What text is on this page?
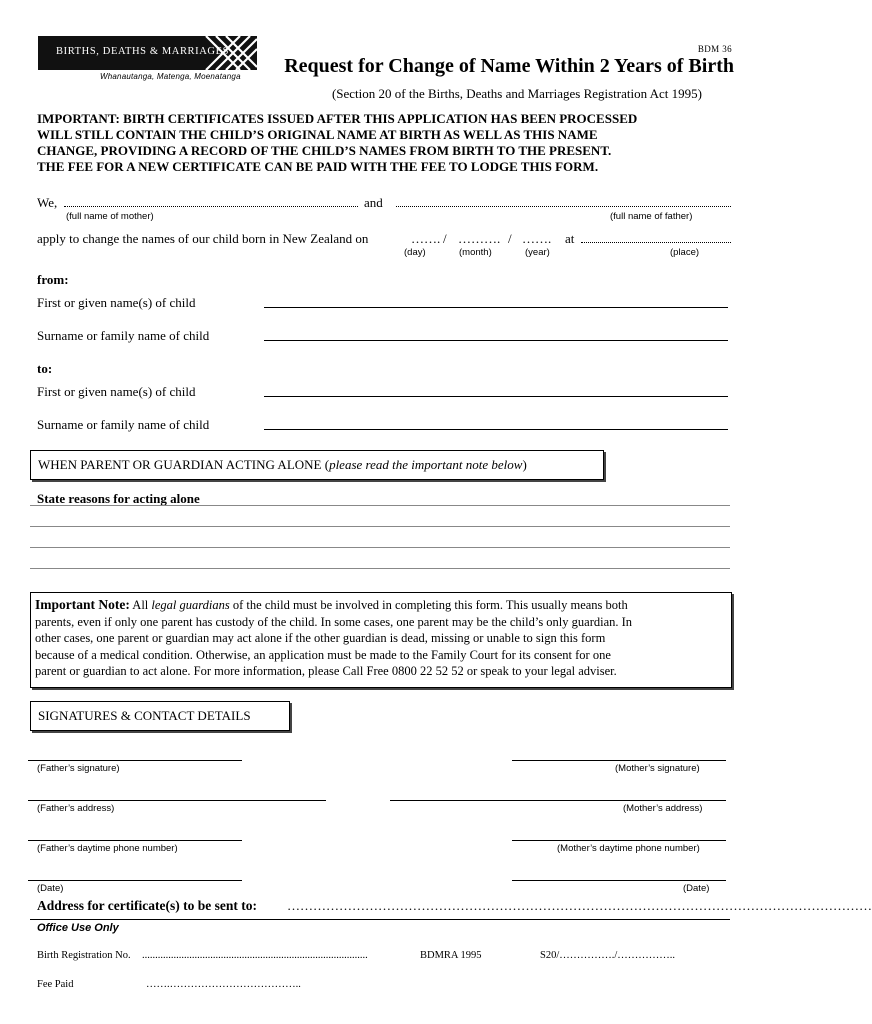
BIRTHS, DEATHS & MARRIAGES
Whanautanga, Matenga, Moenatanga
BDM 36
Request for Change of Name Within 2 Years of Birth
(Section 20 of the Births, Deaths and Marriages Registration Act 1995)
IMPORTANT: BIRTH CERTIFICATES ISSUED AFTER THIS APPLICATION HAS BEEN PROCESSED
WILL STILL CONTAIN THE CHILD’S ORIGINAL NAME AT BIRTH AS WELL AS THIS NAME
CHANGE, PROVIDING A RECORD OF THE CHILD’S NAMES FROM BIRTH TO THE PRESENT.
THE FEE FOR A NEW CERTIFICATE CAN BE PAID WITH THE FEE TO LODGE THIS FORM.
We,	and
(full name of mother)	(full name of father)
apply to change the names of our child born in New Zealand on	……. / ………. / ……. at
(day)	(month)	(year)	(place)
from:
First or given name(s) of child
Surname or family name of child
to:
First or given name(s) of child
Surname or family name of child
WHEN PARENT OR GUARDIAN ACTING ALONE (please read the important note below)
State reasons for acting alone
Important Note: All legal guardians of the child must be involved in completing this form. This usually means both
parents, even if only one parent has custody of the child. In some cases, one parent may be the child’s only guardian. In
other cases, one parent or guardian may act alone if the other guardian is dead, missing or unable to sign this form
because of a medical condition. Otherwise, an application must be made to the Family Court for its consent for one
parent or guardian to act alone. For more information, please Call Free 0800 22 52 52 or speak to your legal adviser.
SIGNATURES & CONTACT DETAILS
(Father’s signature)	(Mother’s signature)
(Father’s address)	(Mother’s address)
(Father’s daytime phone number)	(Mother’s daytime phone number)
(Date)	(Date)
Address for certificate(s) to be sent to: ………………………………………………………………………………………………………………………
Office Use Only
Birth Registration No. ......................................................................................	BDMRA 1995	S20/……………./……………..
Fee Paid	…….………………………………..
